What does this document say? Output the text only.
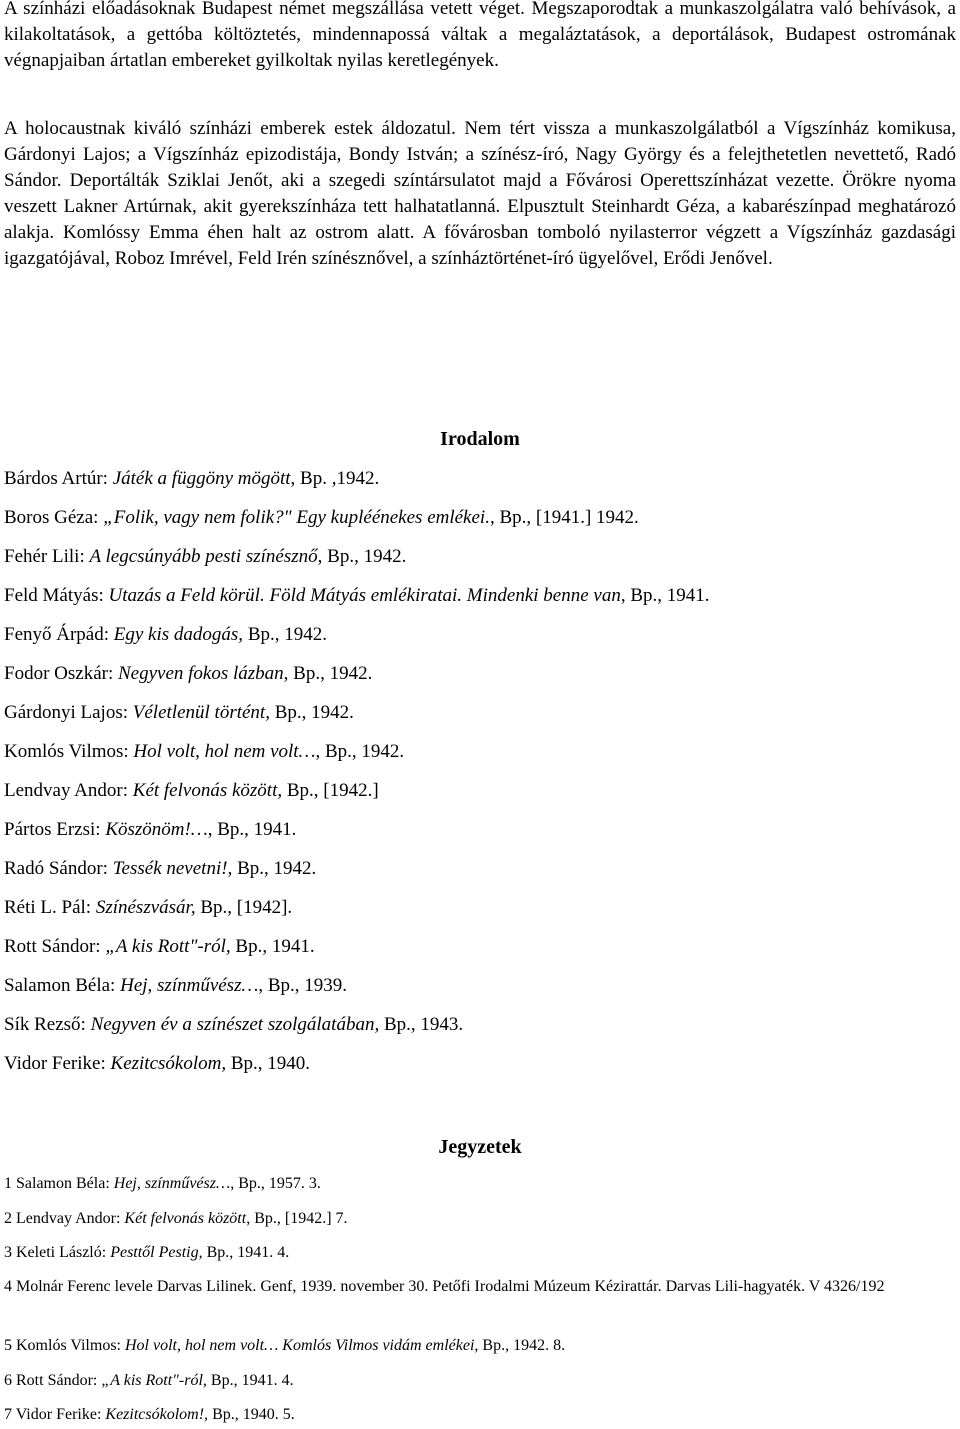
A színházi előadásoknak Budapest német megszállása vetett véget. Megszaporodtak a munkaszolgálatra való behívások, a kilakoltatások, a gettóba költöztetés, mindennapossá váltak a megaláztatások, a deportálások, Budapest ostromának végnapjaiban ártatlan embereket gyilkoltak nyilas keretlegények.

A holocaustnak kiváló színházi emberek estek áldozatul. Nem tért vissza a munkaszolgálatból a Vígszínház komikusa, Gárdonyi Lajos; a Vígszínház epizodistája, Bondy István; a színész-író, Nagy György és a felejthetetlen nevettető, Radó Sándor. Deportálták Sziklai Jenőt, aki a szegedi színtársulatot majd a Fővárosi Operettszínházat vezette. Örökre nyoma veszett Lakner Artúrnak, akit gyerekszínháza tett halhatatlanná. Elpusztult Steinhardt Géza, a kabarészínpad meghatározó alakja. Komlóssy Emma éhen halt az ostrom alatt. A fővárosban tomboló nyilasterror végzett a Vígszínház gazdasági igazgatójával, Roboz Imrével, Feld Irén színésznővel, a színháztörténet-író ügyelővel, Erődi Jenővel.

Irodalom
Bárdos Artúr: Játék a függöny mögött, Bp. ,1942.
Boros Géza: „Folik, vagy nem folik?" Egy kupléénekes emlékei., Bp., [1941.] 1942.
Fehér Lili: A legcsúnyább pesti színésznő, Bp., 1942.
Feld Mátyás: Utazás a Feld körül. Föld Mátyás emlékiratai. Mindenki benne van, Bp., 1941.
Fenyő Árpád: Egy kis dadogás, Bp., 1942.
Fodor Oszkár: Negyven fokos lázban, Bp., 1942.
Gárdonyi Lajos: Véletlenül történt, Bp., 1942.
Komlós Vilmos: Hol volt, hol nem volt…, Bp., 1942.
Lendvay Andor: Két felvonás között, Bp., [1942.]
Pártos Erzsi: Köszönöm!…, Bp., 1941.
Radó Sándor: Tessék nevetni!, Bp., 1942.
Réti L. Pál: Színészvásár, Bp., [1942].
Rott Sándor: „A kis Rott"-ról, Bp., 1941.
Salamon Béla: Hej, színművész…, Bp., 1939.
Sík Rezső: Negyven év a színészet szolgálatában, Bp., 1943.
Vidor Ferike: Kezitcsókolom, Bp., 1940.
Jegyzetek
1 Salamon Béla: Hej, színművész…, Bp., 1957. 3.
2 Lendvay Andor: Két felvonás között, Bp., [1942.] 7.
3 Keleti László: Pesttől Pestig, Bp., 1941. 4.
4 Molnár Ferenc levele Darvas Lilinek. Genf, 1939. november 30. Petőfi Irodalmi Múzeum Kézirattár. Darvas Lili-hagyaték. V 4326/192
5 Komlós Vilmos: Hol volt, hol nem volt… Komlós Vilmos vidám emlékei, Bp., 1942. 8.
6 Rott Sándor: „A kis Rott"-ról, Bp., 1941. 4.
7 Vidor Ferike: Kezitcsókolom!, Bp., 1940. 5.
